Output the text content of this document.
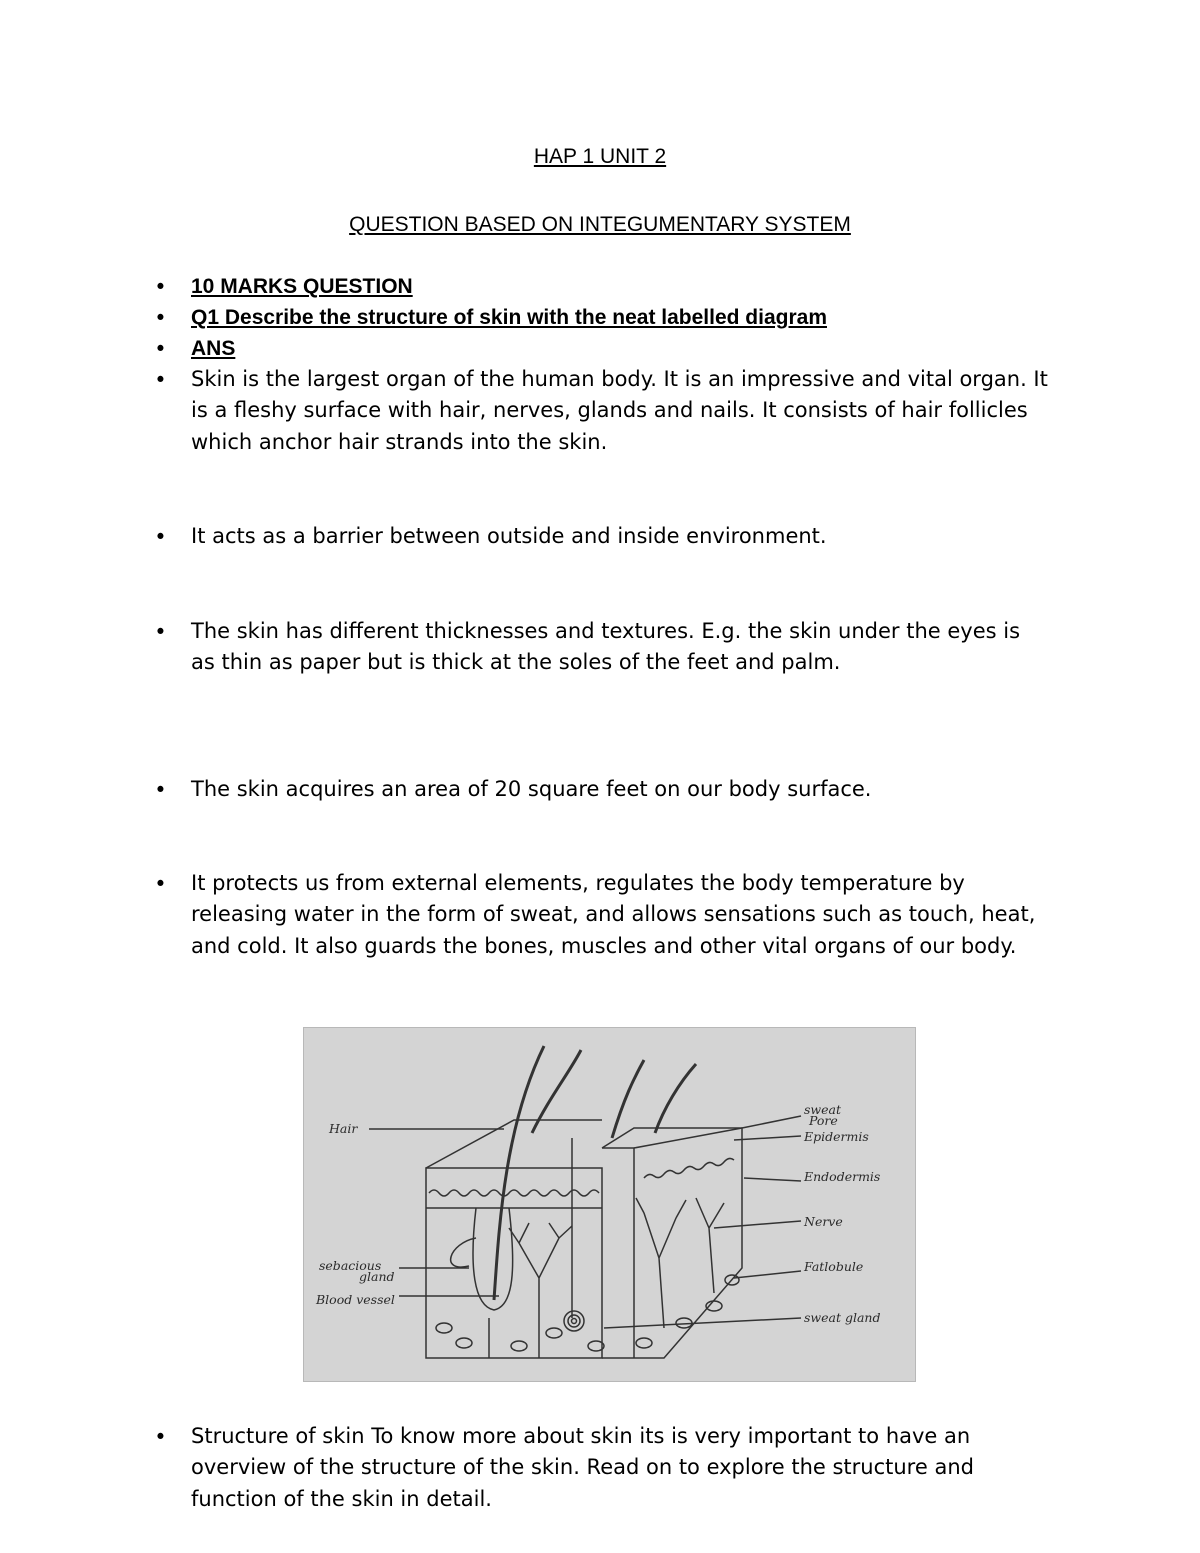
HAP 1 UNIT 2
QUESTION BASED ON INTEGUMENTARY SYSTEM
• 10 MARKS QUESTION
• Q1 Describe the structure of skin with the neat labelled diagram
• ANS
• Skin is the largest organ of the human body. It is an impressive and vital organ. It is a fleshy surface with hair, nerves, glands and nails. It consists of hair follicles which anchor hair strands into the skin.
• It acts as a barrier between outside and inside environment.
• The skin has different thicknesses and textures. E.g. the skin under the eyes is as thin as paper but is thick at the soles of the feet and palm.
• The skin acquires an area of 20 square feet on our body surface.
• It protects us from external elements, regulates the body temperature by releasing water in the form of sweat, and allows sensations such as touch, heat, and cold. It also guards the bones, muscles and other vital organs of our body.
Hair
sweat
Pore
Epidermis
Endodermis
Nerve
Fatlobule
sweat gland
sebacious
gland
Blood vessel
• Structure of skin To know more about skin its is very important to have an overview of the structure of the skin. Read on to explore the structure and function of the skin in detail.
